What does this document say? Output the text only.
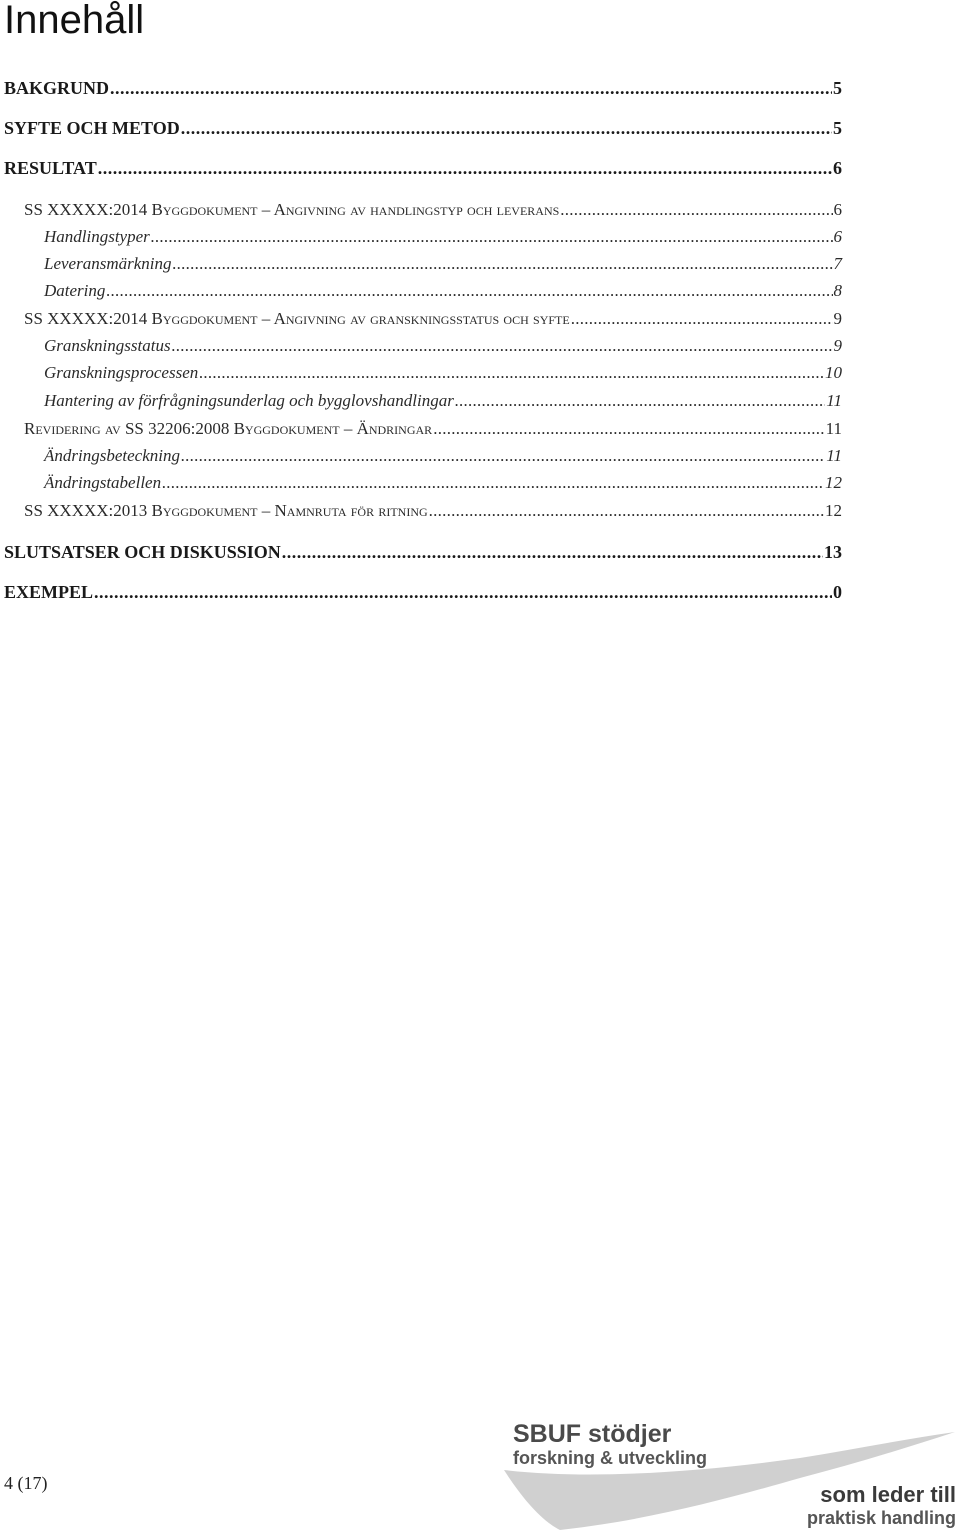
Innehåll
BAKGRUND . . .	5
SYFTE OCH METOD . . .	5
RESULTAT . . .	6
SS XXXXX:2014 Byggdokument – Angivning av handlingstyp och leverans . . .	6
Handlingstyper . . .	6
Leveransmärkning . . .	7
Datering . . .	8
SS XXXXX:2014 Byggdokument – Angivning av granskningsstatus och syfte . . .	9
Granskningsstatus . . .	9
Granskningsprocessen . . .	10
Hantering av förfrågningsunderlag och bygglovshandlingar . . .	11
Revidering av SS 32206:2008 Byggdokument – Ändringar . . .	11
Ändringsbeteckning . . .	11
Ändringstabellen . . .	12
SS XXXXX:2013 Byggdokument – Namnruta för ritning . . .	12
SLUTSATSER OCH DISKUSSION . . .	13
EXEMPEL . . .	0
4 (17)
SBUF stödjer
forskning & utveckling
som leder till
praktisk handling
